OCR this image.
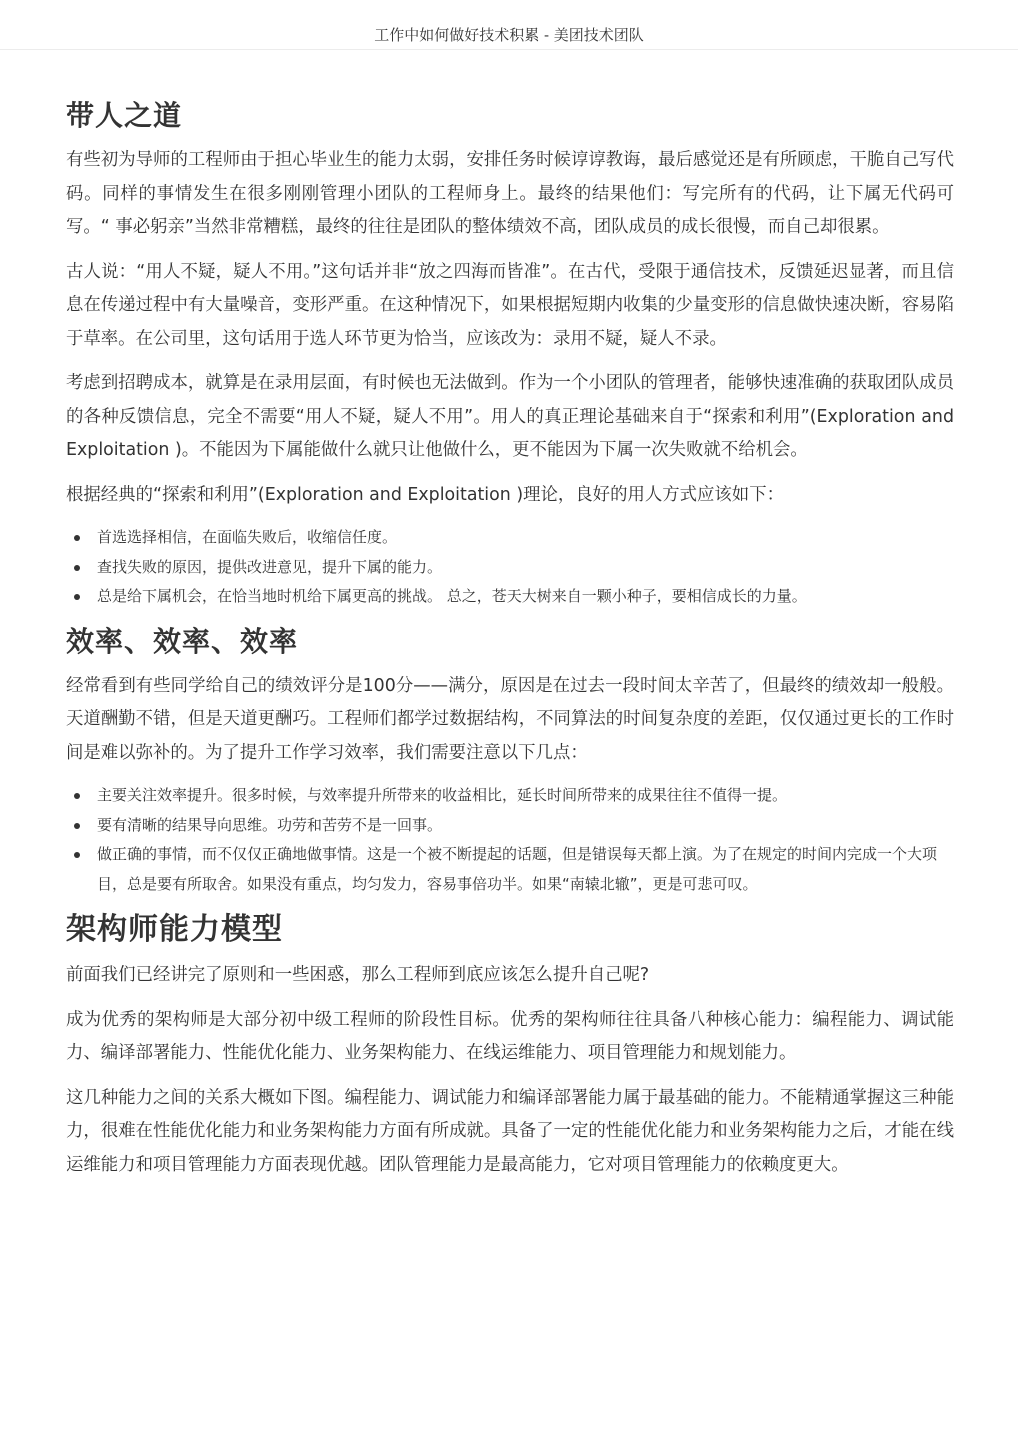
工作中如何做好技术积累 - 美团技术团队
带人之道

有些初为导师的工程师由于担心毕业生的能力太弱，安排任务时候谆谆教诲，最后感觉还是有所顾虑，干脆自己写代码。同样的事情发生在很多刚刚管理小团队的工程师身上。最终的结果他们：写完所有的代码，让下属无代码可写。“ 事必躬亲”当然非常糟糕，最终的往往是团队的整体绩效不高，团队成员的成长很慢，而自己却很累。

古人说：“用人不疑，疑人不用。”这句话并非“放之四海而皆准”。在古代，受限于通信技术，反馈延迟显著，而且信息在传递过程中有大量噪音，变形严重。在这种情况下，如果根据短期内收集的少量变形的信息做快速决断，容易陷于草率。在公司里，这句话用于选人环节更为恰当，应该改为：录用不疑，疑人不录。

考虑到招聘成本，就算是在录用层面，有时候也无法做到。作为一个小团队的管理者，能够快速准确的获取团队成员的各种反馈信息，完全不需要“用人不疑，疑人不用”。用人的真正理论基础来自于“探索和利用”(Exploration and Exploitation )。不能因为下属能做什么就只让他做什么，更不能因为下属一次失败就不给机会。

根据经典的“探索和利用”(Exploration and Exploitation )理论，良好的用人方式应该如下：

首选选择相信，在面临失败后，收缩信任度。
查找失败的原因，提供改进意见，提升下属的能力。
总是给下属机会，在恰当地时机给下属更高的挑战。 总之，苍天大树来自一颗小种子，要相信成长的力量。
效率、效率、效率

经常看到有些同学给自己的绩效评分是100分——满分，原因是在过去一段时间太辛苦了，但最终的绩效却一般般。天道酬勤不错，但是天道更酬巧。工程师们都学过数据结构，不同算法的时间复杂度的差距，仅仅通过更长的工作时间是难以弥补的。为了提升工作学习效率，我们需要注意以下几点：

主要关注效率提升。很多时候，与效率提升所带来的收益相比，延长时间所带来的成果往往不值得一提。
要有清晰的结果导向思维。功劳和苦劳不是一回事。
做正确的事情，而不仅仅正确地做事情。这是一个被不断提起的话题，但是错误每天都上演。为了在规定的时间内完成一个大项目，总是要有所取舍。如果没有重点，均匀发力，容易事倍功半。如果“南辕北辙”，更是可悲可叹。
架构师能力模型

前面我们已经讲完了原则和一些困惑，那么工程师到底应该怎么提升自己呢?

成为优秀的架构师是大部分初中级工程师的阶段性目标。优秀的架构师往往具备八种核心能力：编程能力、调试能力、编译部署能力、性能优化能力、业务架构能力、在线运维能力、项目管理能力和规划能力。

这几种能力之间的关系大概如下图。编程能力、调试能力和编译部署能力属于最基础的能力。不能精通掌握这三种能力，很难在性能优化能力和业务架构能力方面有所成就。具备了一定的性能优化能力和业务架构能力之后，才能在线运维能力和项目管理能力方面表现优越。团队管理能力是最高能力，它对项目管理能力的依赖度更大。
